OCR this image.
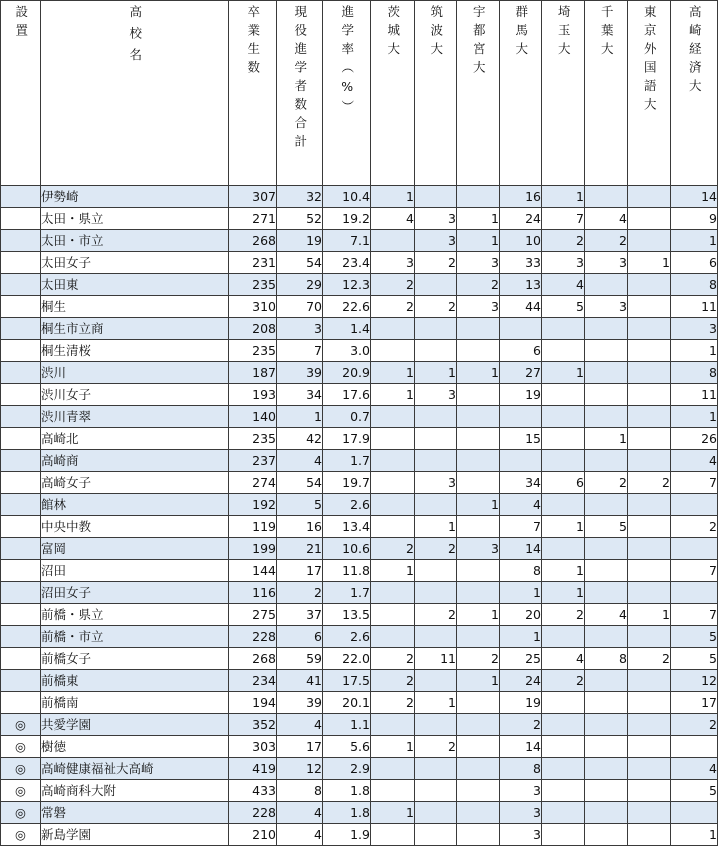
設置	高校名	卒業生数	現役進学者数合計	進学率︵%︶	茨城大	筑波大	宇都宮大	群馬大	埼玉大	千葉大	東京外国語大	高崎経済大

	伊勢崎	307	32	10.4	1			16	1			14
	太田・県立	271	52	19.2	4	3	1	24	7	4		9
	太田・市立	268	19	7.1		3	1	10	2	2		1
	太田女子	231	54	23.4	3	2	3	33	3	3	1	6
	太田東	235	29	12.3	2		2	13	4			8
	桐生	310	70	22.6	2	2	3	44	5	3		11
	桐生市立商	208	3	1.4								3
	桐生清桜	235	7	3.0				6				1
	渋川	187	39	20.9	1	1	1	27	1			8
	渋川女子	193	34	17.6	1	3		19				11
	渋川青翠	140	1	0.7								1
	高崎北	235	42	17.9				15		1		26
	高崎商	237	4	1.7								4
	高崎女子	274	54	19.7		3		34	6	2	2	7
	館林	192	5	2.6			1	4				
	中央中教	119	16	13.4		1		7	1	5		2
	富岡	199	21	10.6	2	2	3	14				
	沼田	144	17	11.8	1			8	1			7
	沼田女子	116	2	1.7				1	1			
	前橋・県立	275	37	13.5		2	1	20	2	4	1	7
	前橋・市立	228	6	2.6				1				5
	前橋女子	268	59	22.0	2	11	2	25	4	8	2	5
	前橋東	234	41	17.5	2		1	24	2			12
	前橋南	194	39	20.1	2	1		19				17
◎	共愛学園	352	4	1.1				2				2
◎	樹徳	303	17	5.6	1	2		14				
◎	高崎健康福祉大高崎	419	12	2.9				8				4
◎	高崎商科大附	433	8	1.8				3				5
◎	常磐	228	4	1.8	1			3				
◎	新島学園	210	4	1.9				3				1
